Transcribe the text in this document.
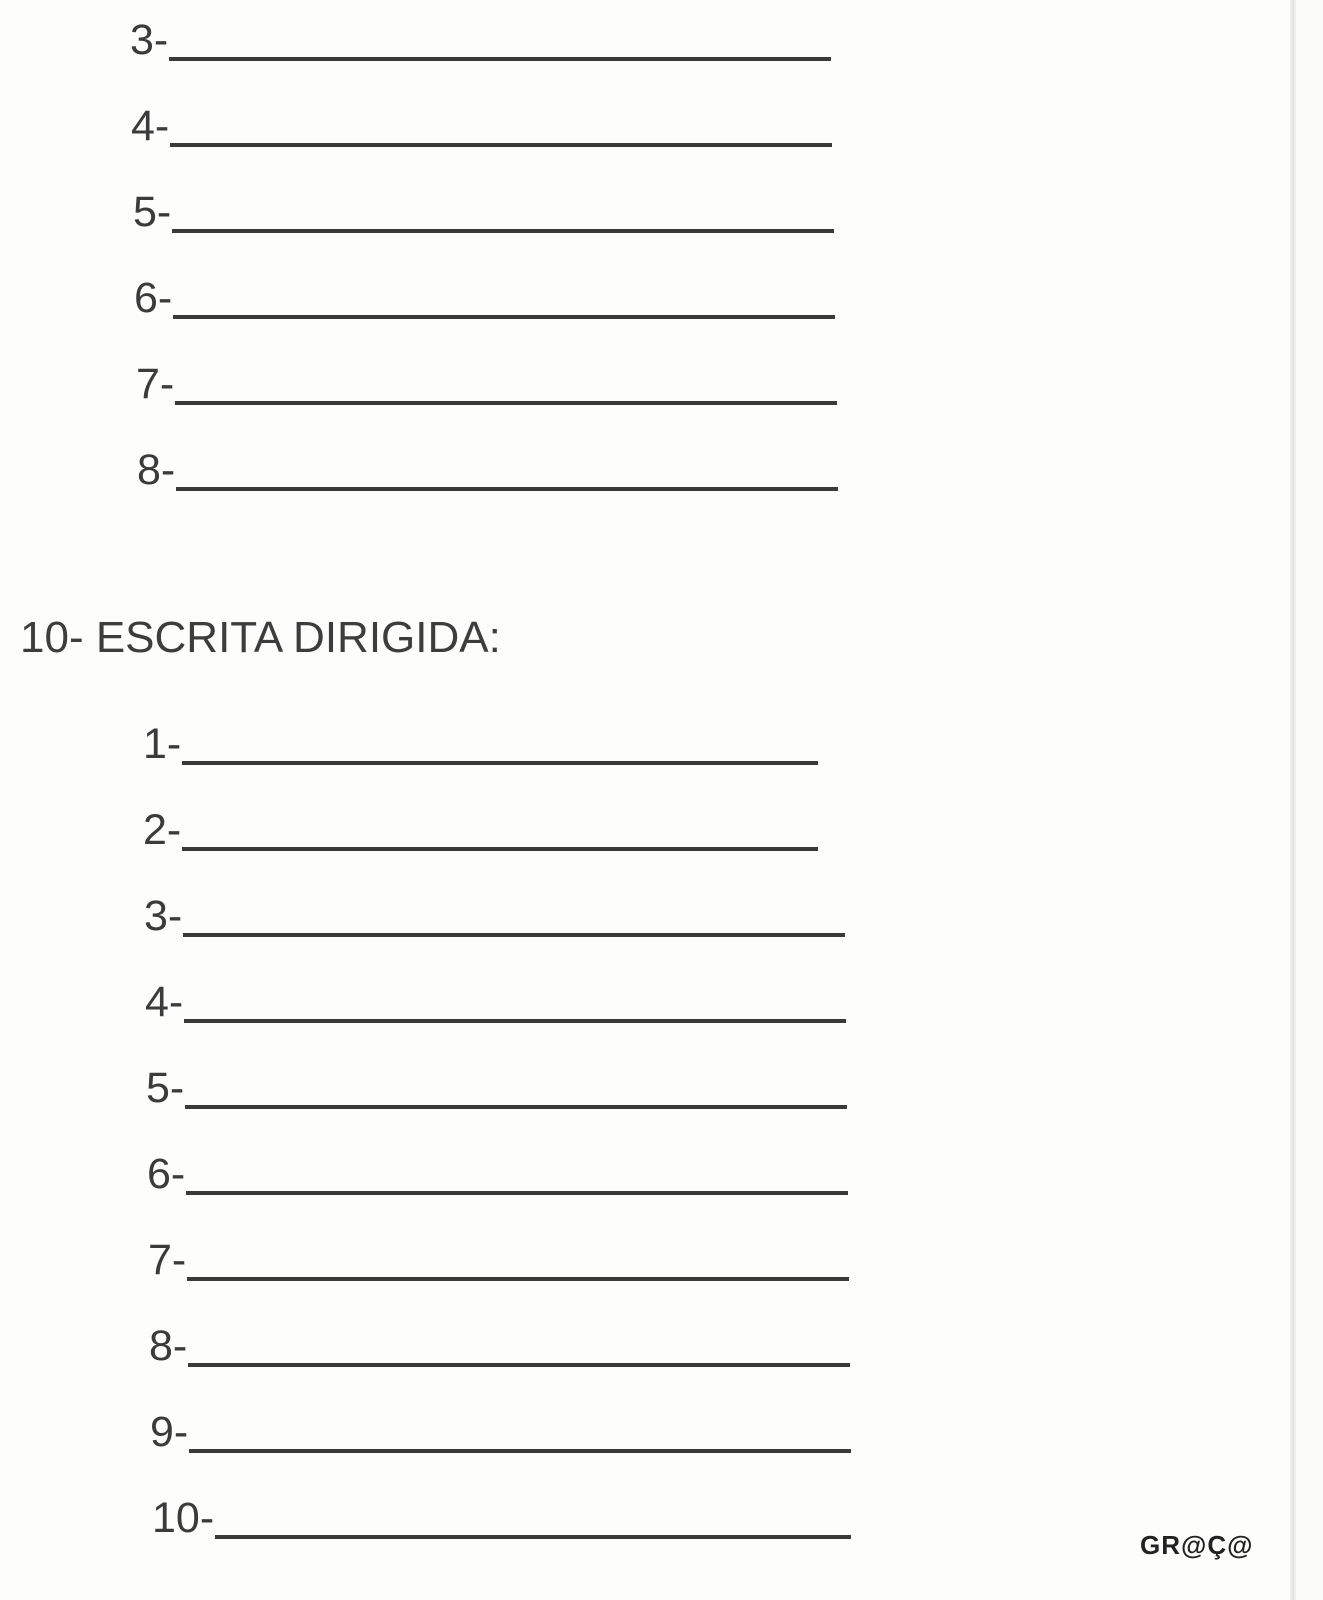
3-
4-
5-
6-
7-
8-
10- ESCRITA DIRIGIDA:
1-
2-
3-
4-
5-
6-
7-
8-
9-
10-
GR@Ç@
